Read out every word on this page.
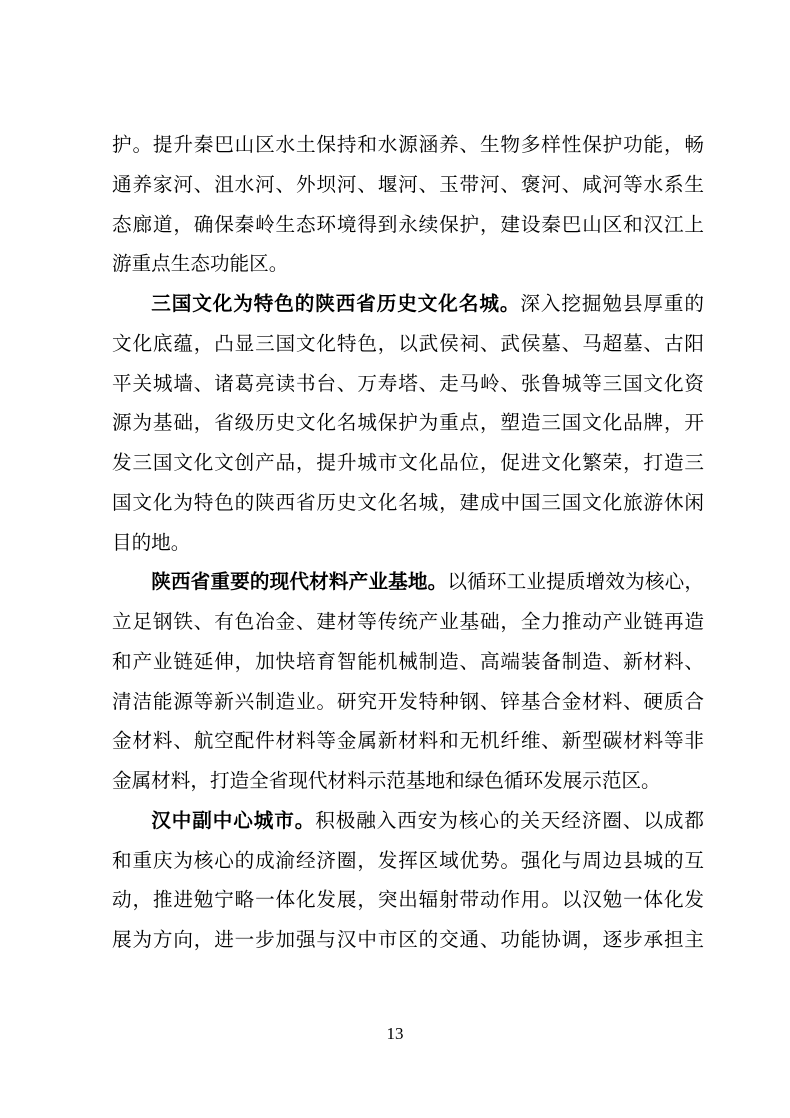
护。提升秦巴山区水土保持和水源涵养、生物多样性保护功能，畅
通养家河、沮水河、外坝河、堰河、玉带河、褒河、咸河等水系生
态廊道，确保秦岭生态环境得到永续保护，建设秦巴山区和汉江上
游重点生态功能区。
三国文化为特色的陕西省历史文化名城。深入挖掘勉县厚重的
文化底蕴，凸显三国文化特色，以武侯祠、武侯墓、马超墓、古阳
平关城墙、诸葛亮读书台、万寿塔、走马岭、张鲁城等三国文化资
源为基础，省级历史文化名城保护为重点，塑造三国文化品牌，开
发三国文化文创产品，提升城市文化品位，促进文化繁荣，打造三
国文化为特色的陕西省历史文化名城，建成中国三国文化旅游休闲
目的地。
陕西省重要的现代材料产业基地。以循环工业提质增效为核心，
立足钢铁、有色冶金、建材等传统产业基础，全力推动产业链再造
和产业链延伸，加快培育智能机械制造、高端装备制造、新材料、
清洁能源等新兴制造业。研究开发特种钢、锌基合金材料、硬质合
金材料、航空配件材料等金属新材料和无机纤维、新型碳材料等非
金属材料，打造全省现代材料示范基地和绿色循环发展示范区。
汉中副中心城市。积极融入西安为核心的关天经济圈、以成都
和重庆为核心的成渝经济圈，发挥区域优势。强化与周边县城的互
动，推进勉宁略一体化发展，突出辐射带动作用。以汉勉一体化发
展为方向，进一步加强与汉中市区的交通、功能协调，逐步承担主
13
